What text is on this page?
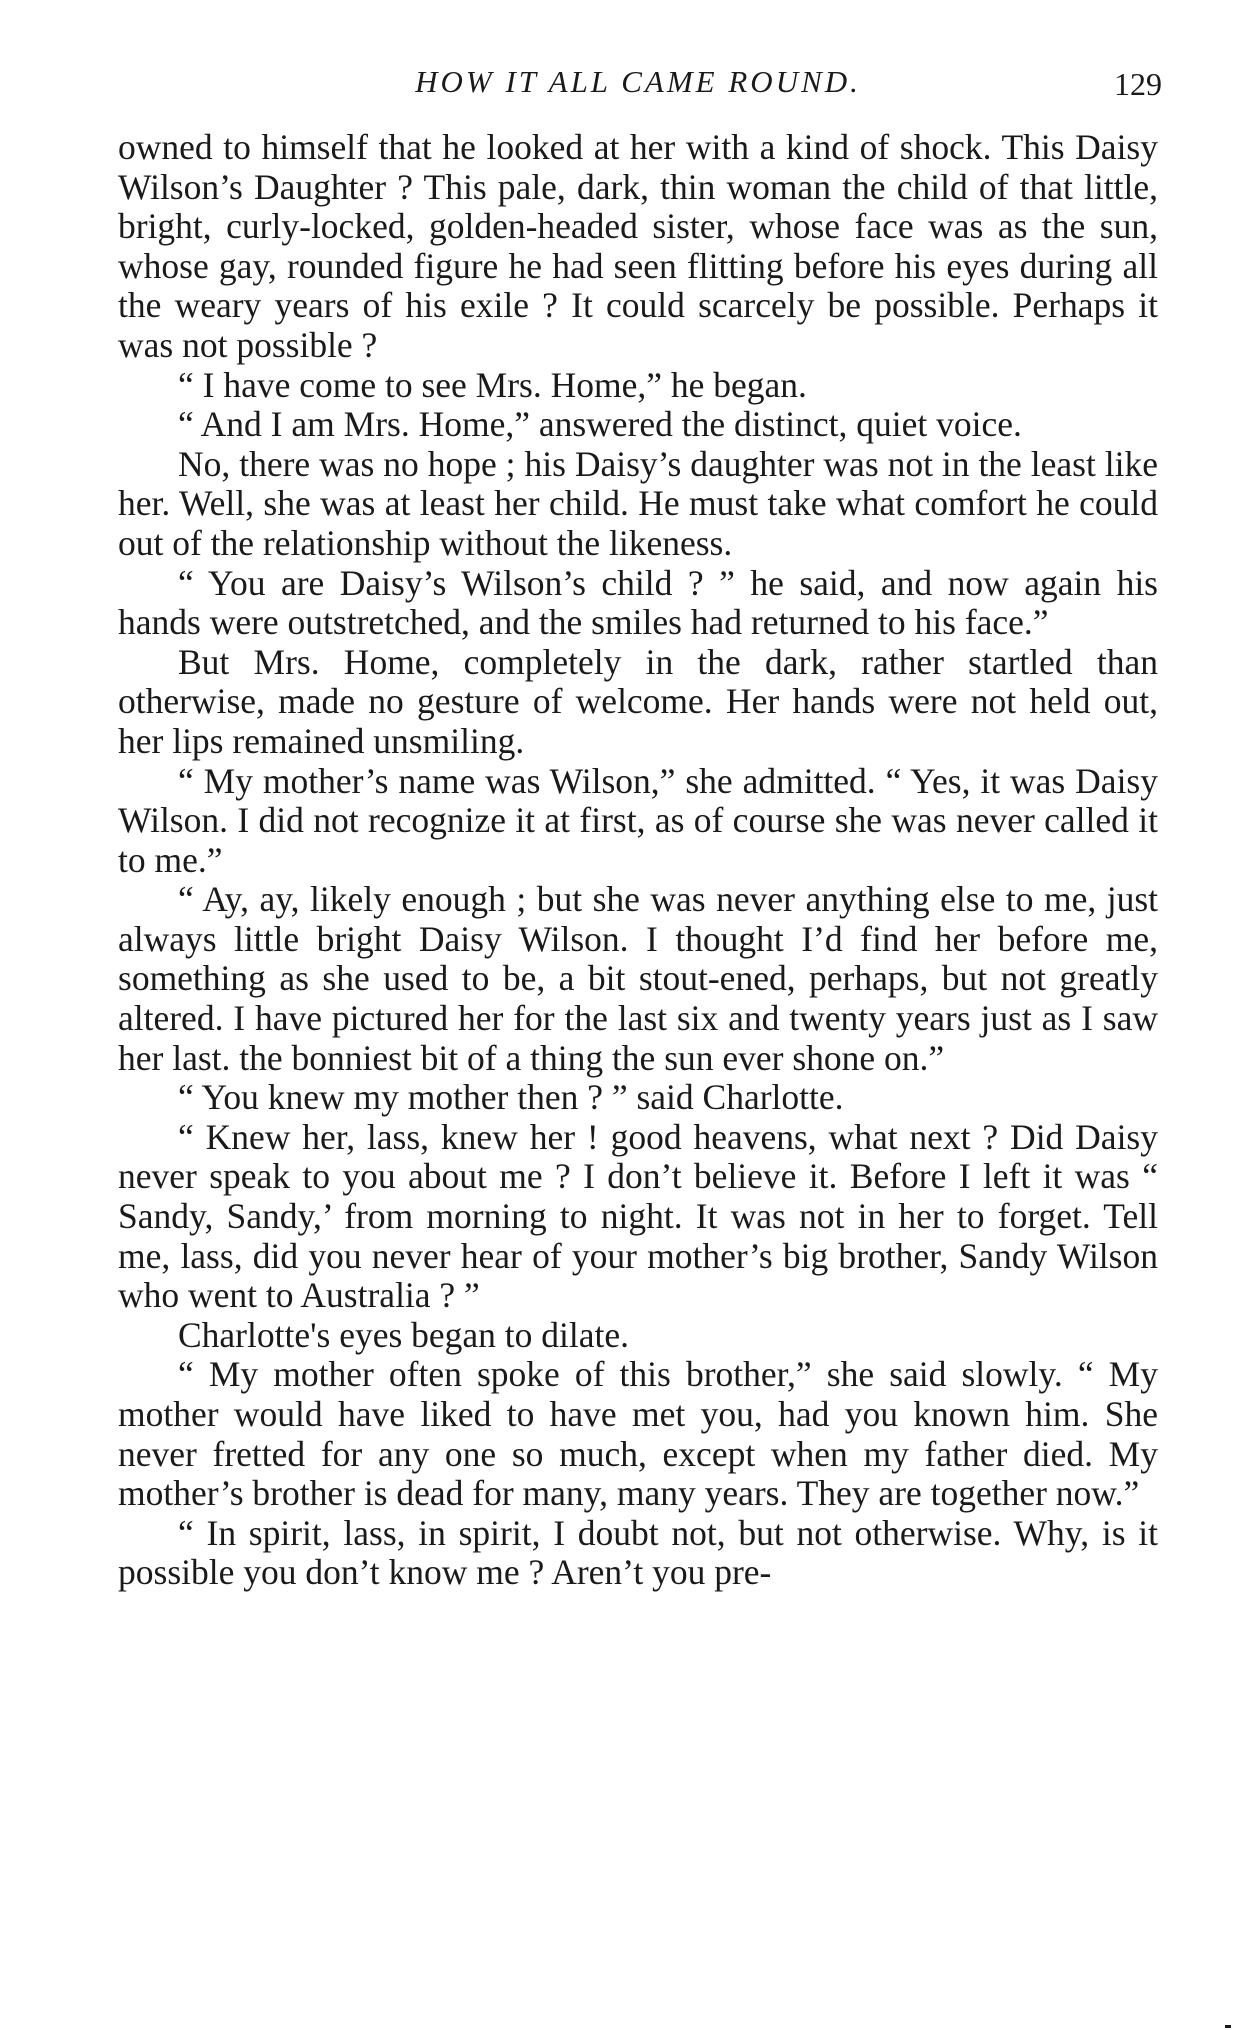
HOW IT ALL CAME ROUND.	129

owned to himself that he looked at her with a kind of shock. This Daisy Wilson’s Daughter ? This pale, dark, thin woman the child of that little, bright, curly-locked, golden-headed sister, whose face was as the sun, whose gay, rounded figure he had seen flitting before his eyes during all the weary years of his exile ? It could scarcely be possible. Perhaps it was not possible ?

“ I have come to see Mrs. Home,” he began.

“ And I am Mrs. Home,” answered the distinct, quiet voice.

No, there was no hope ; his Daisy’s daughter was not in the least like her. Well, she was at least her child. He must take what comfort he could out of the relationship without the likeness.

“ You are Daisy’s Wilson’s child ? ” he said, and now again his hands were outstretched, and the smiles had returned to his face.”

But Mrs. Home, completely in the dark, rather startled than otherwise, made no gesture of welcome. Her hands were not held out, her lips remained unsmiling.

“ My mother’s name was Wilson,” she admitted. “ Yes, it was Daisy Wilson. I did not recognize it at first, as of course she was never called it to me.”

“ Ay, ay, likely enough ; but she was never anything else to me, just always little bright Daisy Wilson. I thought I’d find her before me, something as she used to be, a bit stout-ened, perhaps, but not greatly altered. I have pictured her for the last six and twenty years just as I saw her last. the bonniest bit of a thing the sun ever shone on.”

“ You knew my mother then ? ” said Charlotte.

“ Knew her, lass, knew her ! good heavens, what next ? Did Daisy never speak to you about me ? I don’t believe it. Before I left it was “ Sandy, Sandy,’ from morning to night. It was not in her to forget. Tell me, lass, did you never hear of your mother’s big brother, Sandy Wilson who went to Australia ? ”

Charlotte's eyes began to dilate.

“ My mother often spoke of this brother,” she said slowly. “ My mother would have liked to have met you, had you known him. She never fretted for any one so much, except when my father died. My mother’s brother is dead for many, many years. They are together now.”

“ In spirit, lass, in spirit, I doubt not, but not otherwise. Why, is it possible you don’t know me ? Aren’t you pre-
